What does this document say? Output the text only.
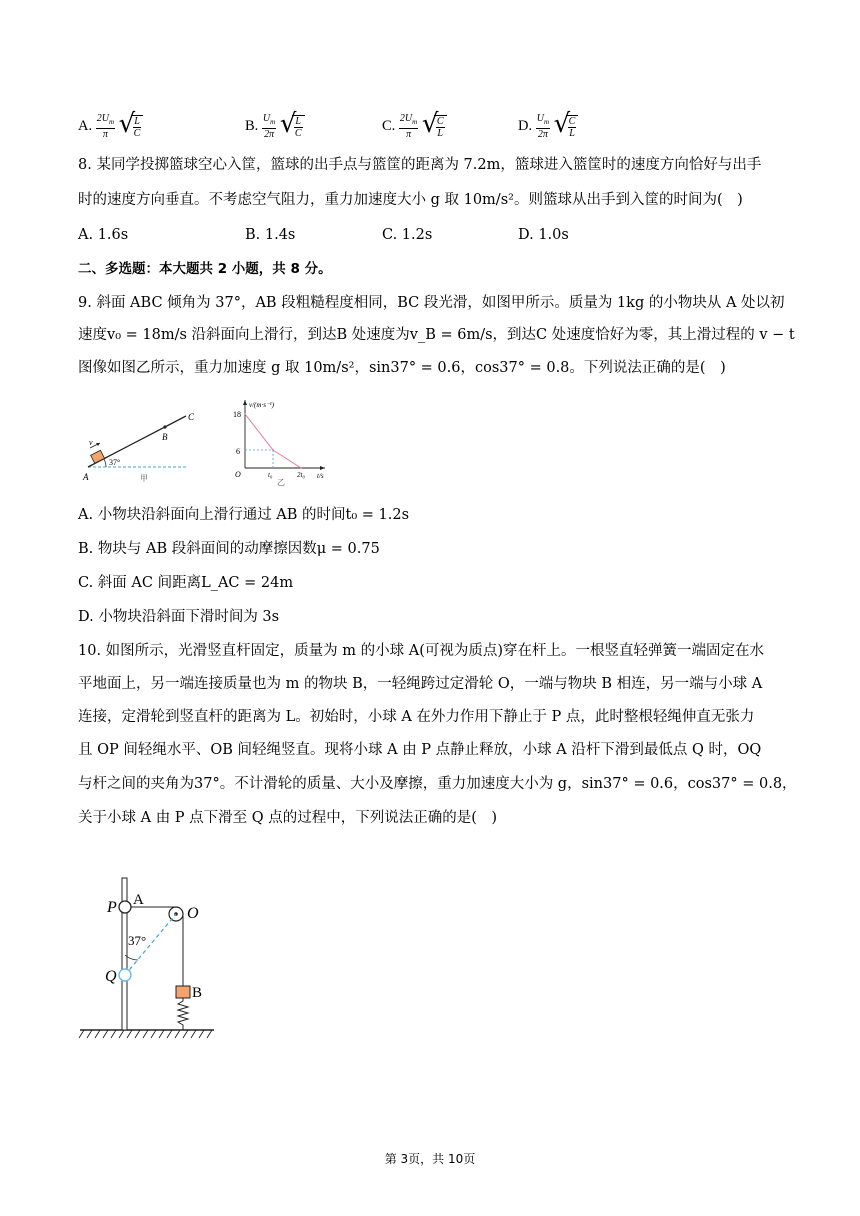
A. $\frac{2U_m}{\pi}$
√ $\frac{L}{C}$	B. $\frac{U_m}{2\pi}$
√ $\frac{L}{C}$	C. $\frac{2U_m}{\pi}$
√ $\frac{C}{L}$	D. $\frac{U_m}{2\pi}$
√ $\frac{C}{L}$
8. 某同学投掷篮球空心入筐，篮球的出手点与篮筐的距离为 7.2m，篮球进入篮筐时的速度方向恰好与出手
时的速度方向垂直。不考虑空气阻力，重力加速度大小 g 取 10m/s²。则篮球从出手到入筐的时间为(　)
A. 1.6s	B. 1.4s	C. 1.2s	D. 1.0s
二、多选题：本大题共 2 小题，共 8 分。
9. 斜面 ABC 倾角为 37°，AB 段粗糙程度相同，BC 段光滑，如图甲所示。质量为 1kg 的小物块从 A 处以初
速度v₀ = 18m/s 沿斜面向上滑行，到达B 处速度为v_B = 6m/s，到达C 处速度恰好为零，其上滑过程的 v − t
图像如图乙所示，重力加速度 g 取 10m/s²，sin37° = 0.6，cos37° = 0.8。下列说法正确的是(　)
A
B
C
v
37°
甲
v/(m·s⁻¹)
t/s
O
18
6
t₀	2t₀
乙
A. 小物块沿斜面向上滑行通过 AB 的时间t₀ = 1.2s
B. 物块与 AB 段斜面间的动摩擦因数μ = 0.75
C. 斜面 AC 间距离L_AC = 24m
D. 小物块沿斜面下滑时间为 3s
10. 如图所示，光滑竖直杆固定，质量为 m 的小球 A(可视为质点)穿在杆上。一根竖直轻弹簧一端固定在水
平地面上，另一端连接质量也为 m 的物块 B，一轻绳跨过定滑轮 O，一端与物块 B 相连，另一端与小球 A
连接，定滑轮到竖直杆的距离为 L。初始时，小球 A 在外力作用下静止于 P 点，此时整根轻绳伸直无张力
且 OP 间轻绳水平、OB 间轻绳竖直。现将小球 A 由 P 点静止释放，小球 A 沿杆下滑到最低点 Q 时，OQ
与杆之间的夹角为37°。不计滑轮的质量、大小及摩擦，重力加速度大小为 g，sin37° = 0.6，cos37° = 0.8，
关于小球 A 由 P 点下滑至 Q 点的过程中，下列说法正确的是(　)
P A
O
Q
B
37°
第 3页，共 10页
